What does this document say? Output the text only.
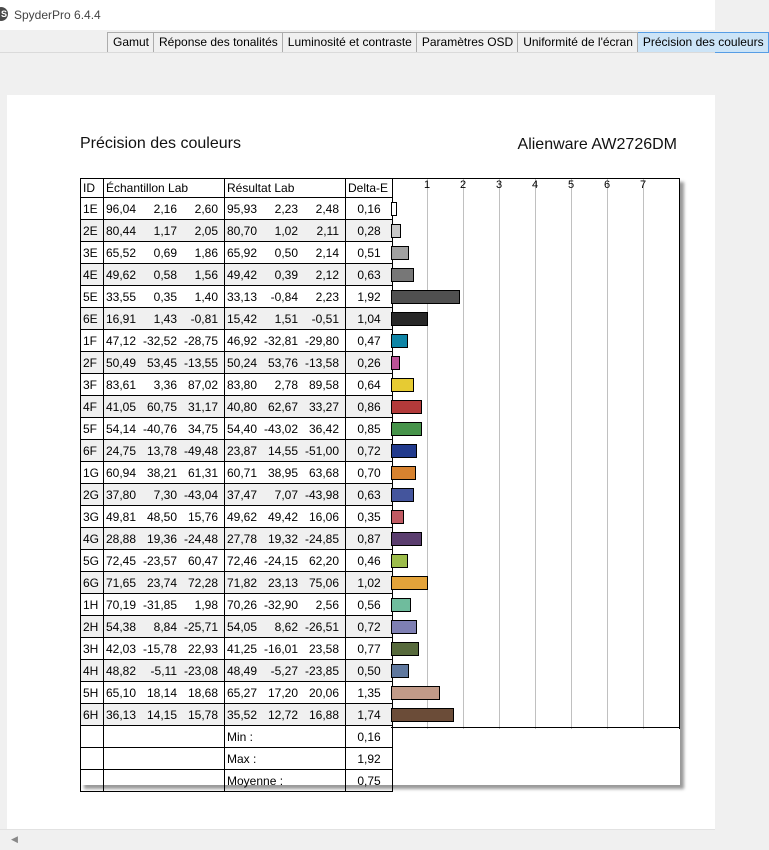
S SpyderPro 6.4.4
Gamut Réponse des tonalités Luminosité et contraste Paramètres OSD Uniformité de l'écran Précision des couleurs
Précision des couleurs	Alienware AW2726DM
ID	Échantillon Lab	Résultat Lab	Delta-E
1E	96,04 2,16 2,60	95,93 2,23 2,48	0,16
2E	80,44 1,17 2,05	80,70 1,02 2,11	0,28
3E	65,52 0,69 1,86	65,92 0,50 2,14	0,51
4E	49,62 0,58 1,56	49,42 0,39 2,12	0,63
5E	33,55 0,35 1,40	33,13 -0,84 2,23	1,92
6E	16,91 1,43 -0,81	15,42 1,51 -0,51	1,04
1F	47,12 -32,52 -28,75	46,92 -32,81 -29,80	0,47
2F	50,49 53,45 -13,55	50,24 53,76 -13,58	0,26
3F	83,61 3,36 87,02	83,80 2,78 89,58	0,64
4F	41,05 60,75 31,17	40,80 62,67 33,27	0,86
5F	54,14 -40,76 34,75	54,40 -43,02 36,42	0,85
6F	24,75 13,78 -49,48	23,87 14,55 -51,00	0,72
1G	60,94 38,21 61,31	60,71 38,95 63,68	0,70
2G	37,80 7,30 -43,04	37,47 7,07 -43,98	0,63
3G	49,81 48,50 15,76	49,62 49,42 16,06	0,35
4G	28,88 19,36 -24,48	27,78 19,32 -24,85	0,87
5G	72,45 -23,57 60,47	72,46 -24,15 62,20	0,46
6G	71,65 23,74 72,28	71,82 23,13 75,06	1,02
1H	70,19 -31,85 1,98	70,26 -32,90 2,56	0,56
2H	54,38 8,84 -25,71	54,05 8,62 -26,51	0,72
3H	42,03 -15,78 22,93	41,25 -16,01 23,58	0,77
4H	48,82 -5,11 -23,08	48,49 -5,27 -23,85	0,50
5H	65,10 18,14 18,68	65,27 17,20 20,06	1,35
6H	36,13 14,15 15,78	35,52 12,72 16,88	1,74
		Min :	0,16
		Max :	1,92
		Moyenne :	0,75
1	2	3	4	5	6	7
◀
